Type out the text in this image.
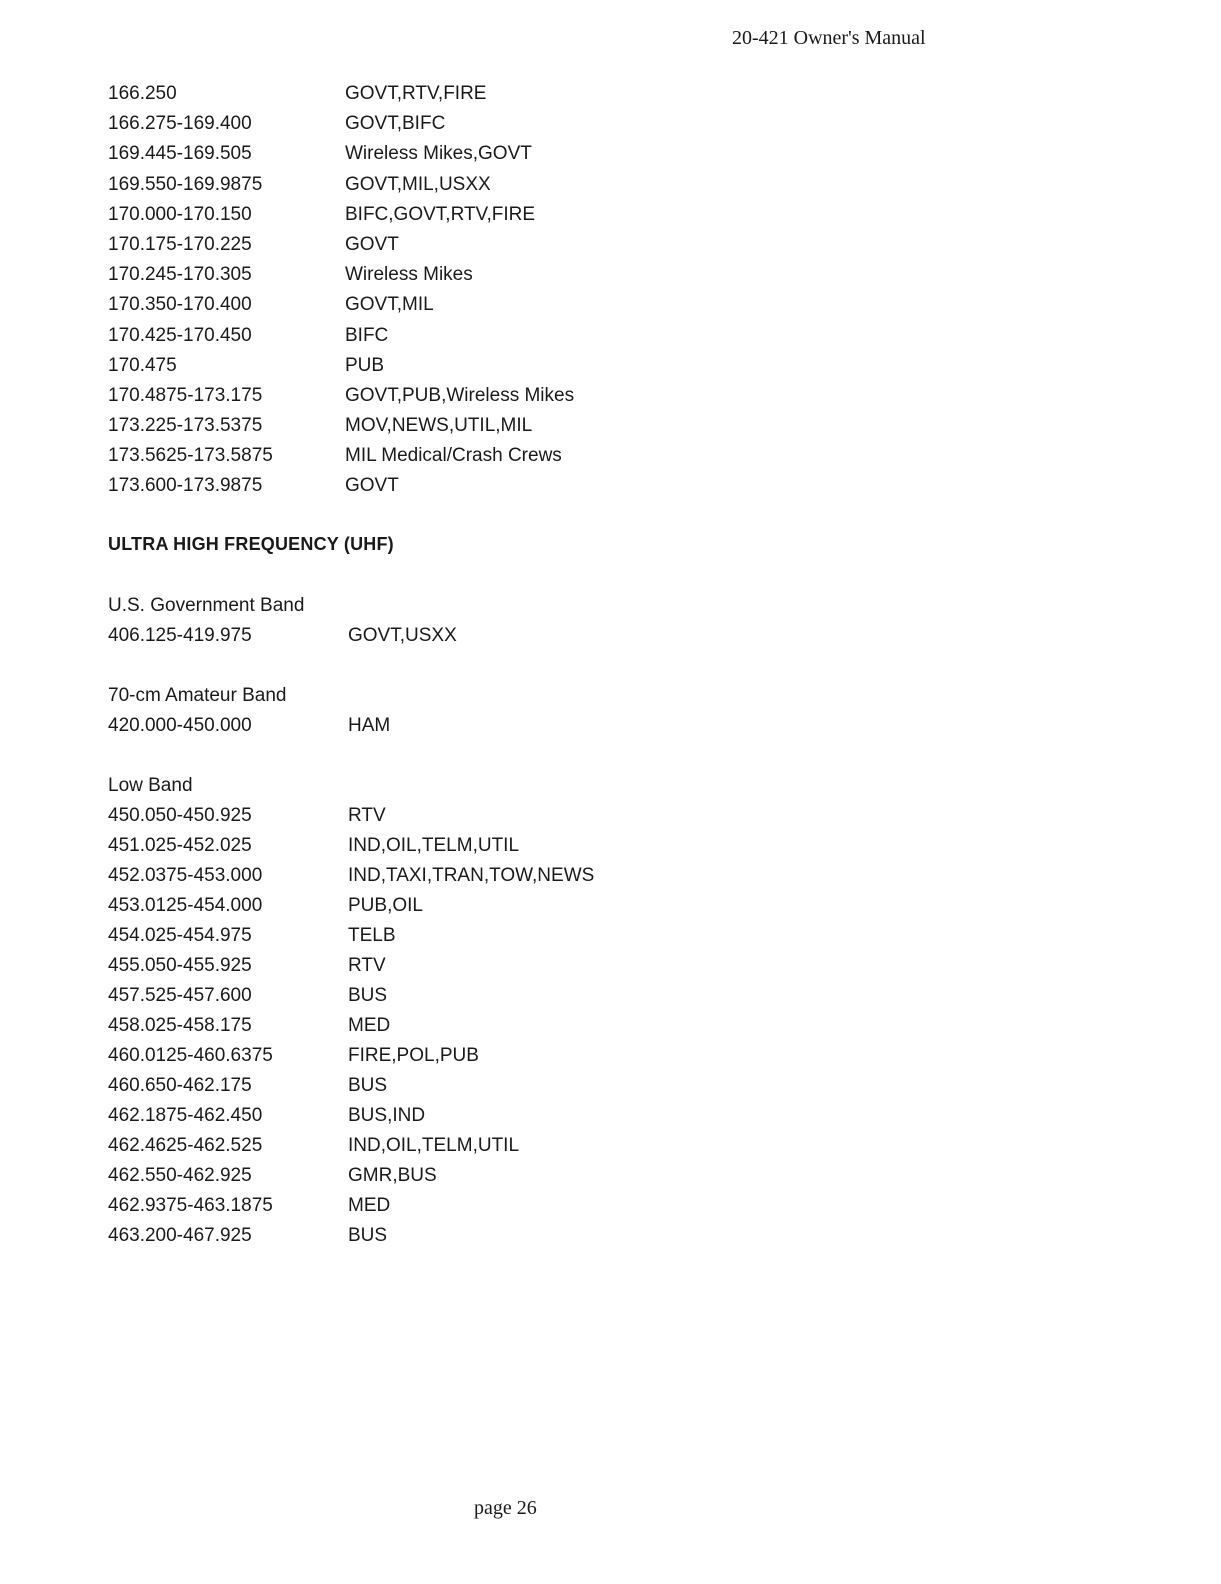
20-421 Owner's Manual
166.250	GOVT,RTV,FIRE
166.275-169.400	GOVT,BIFC
169.445-169.505	Wireless Mikes,GOVT
169.550-169.9875	GOVT,MIL,USXX
170.000-170.150	BIFC,GOVT,RTV,FIRE
170.175-170.225	GOVT
170.245-170.305	Wireless Mikes
170.350-170.400	GOVT,MIL
170.425-170.450	BIFC
170.475	PUB
170.4875-173.175	GOVT,PUB,Wireless Mikes
173.225-173.5375	MOV,NEWS,UTIL,MIL
173.5625-173.5875	MIL Medical/Crash Crews
173.600-173.9875	GOVT
ULTRA HIGH FREQUENCY (UHF)
U.S. Government Band
406.125-419.975	GOVT,USXX
70-cm Amateur Band
420.000-450.000	HAM
Low Band
450.050-450.925	RTV
451.025-452.025	IND,OIL,TELM,UTIL
452.0375-453.000	IND,TAXI,TRAN,TOW,NEWS
453.0125-454.000	PUB,OIL
454.025-454.975	TELB
455.050-455.925	RTV
457.525-457.600	BUS
458.025-458.175	MED
460.0125-460.6375	FIRE,POL,PUB
460.650-462.175	BUS
462.1875-462.450	BUS,IND
462.4625-462.525	IND,OIL,TELM,UTIL
462.550-462.925	GMR,BUS
462.9375-463.1875	MED
463.200-467.925	BUS
page 26
